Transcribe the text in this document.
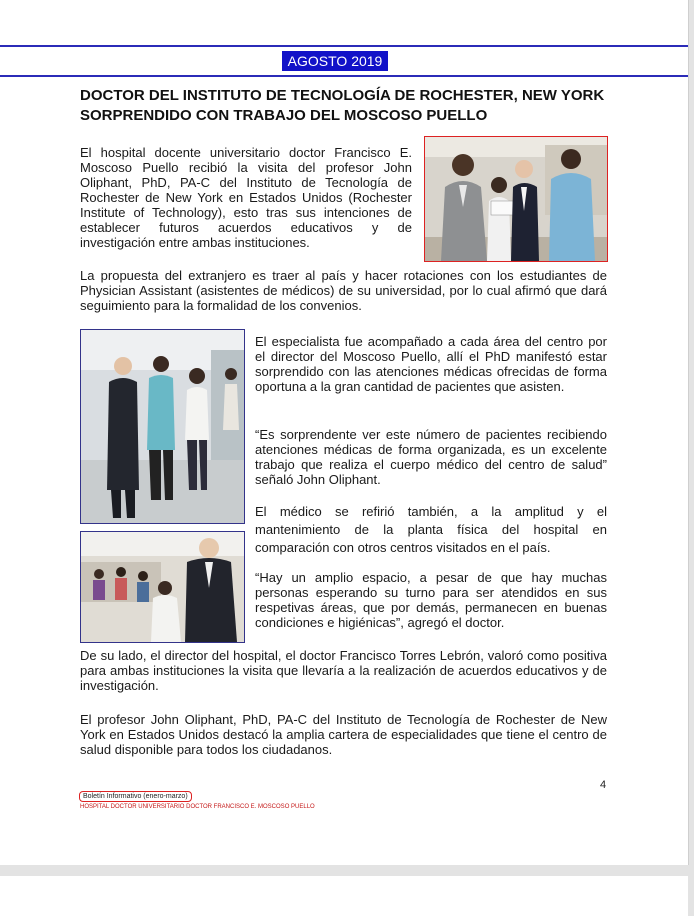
AGOSTO 2019
DOCTOR DEL INSTITUTO DE TECNOLOGÍA DE ROCHESTER, NEW YORK SORPRENDIDO CON TRABAJO DEL MOSCOSO PUELLO

El hospital docente universitario doctor Francisco E. Moscoso Puello recibió la visita del profesor John Oliphant, PhD, PA-C del Instituto de Tecnología de Rochester de New York en Estados Unidos (Rochester Institute of Technology), esto tras sus intenciones de establecer futuros acuerdos educativos y de investigación entre ambas instituciones.

La propuesta del extranjero es traer al país y hacer rotaciones con los estudiantes de Physician Assistant (asistentes de médicos) de su universidad, por lo cual afirmó que dará seguimiento para la formalidad de los convenios.

El especialista fue acompañado a cada área del centro por el director del Moscoso Puello, allí el PhD manifestó estar sorprendido con las atenciones médicas ofrecidas de forma oportuna a la gran cantidad de pacientes que asisten.

“Es sorprendente ver este número de pacientes recibiendo atenciones médicas de forma organizada, es un excelente trabajo que realiza el cuerpo médico del centro de salud” señaló John Oliphant.

El médico se refirió también, a la amplitud y el mantenimiento de la planta física del hospital en comparación con otros centros visitados en el país.

“Hay un amplio espacio, a pesar de que hay muchas personas esperando su turno para ser atendidos en sus respetivas áreas, que por demás, permanecen en buenas condiciones e higiénicas”, agregó el doctor.

De su lado, el director del hospital, el doctor Francisco Torres Lebrón, valoró como positiva para ambas instituciones la visita que llevaría a la realización de acuerdos educativos y de investigación.

El profesor John Oliphant, PhD, PA-C del Instituto de Tecnología de Rochester de New York en Estados Unidos destacó la amplia cartera de especialidades que tiene el centro de salud disponible para todos los ciudadanos.

4
Boletín Informativo (enero-marzo)
HOSPITAL DOCTOR UNIVERSITARIO DOCTOR FRANCISCO E. MOSCOSO PUELLO
